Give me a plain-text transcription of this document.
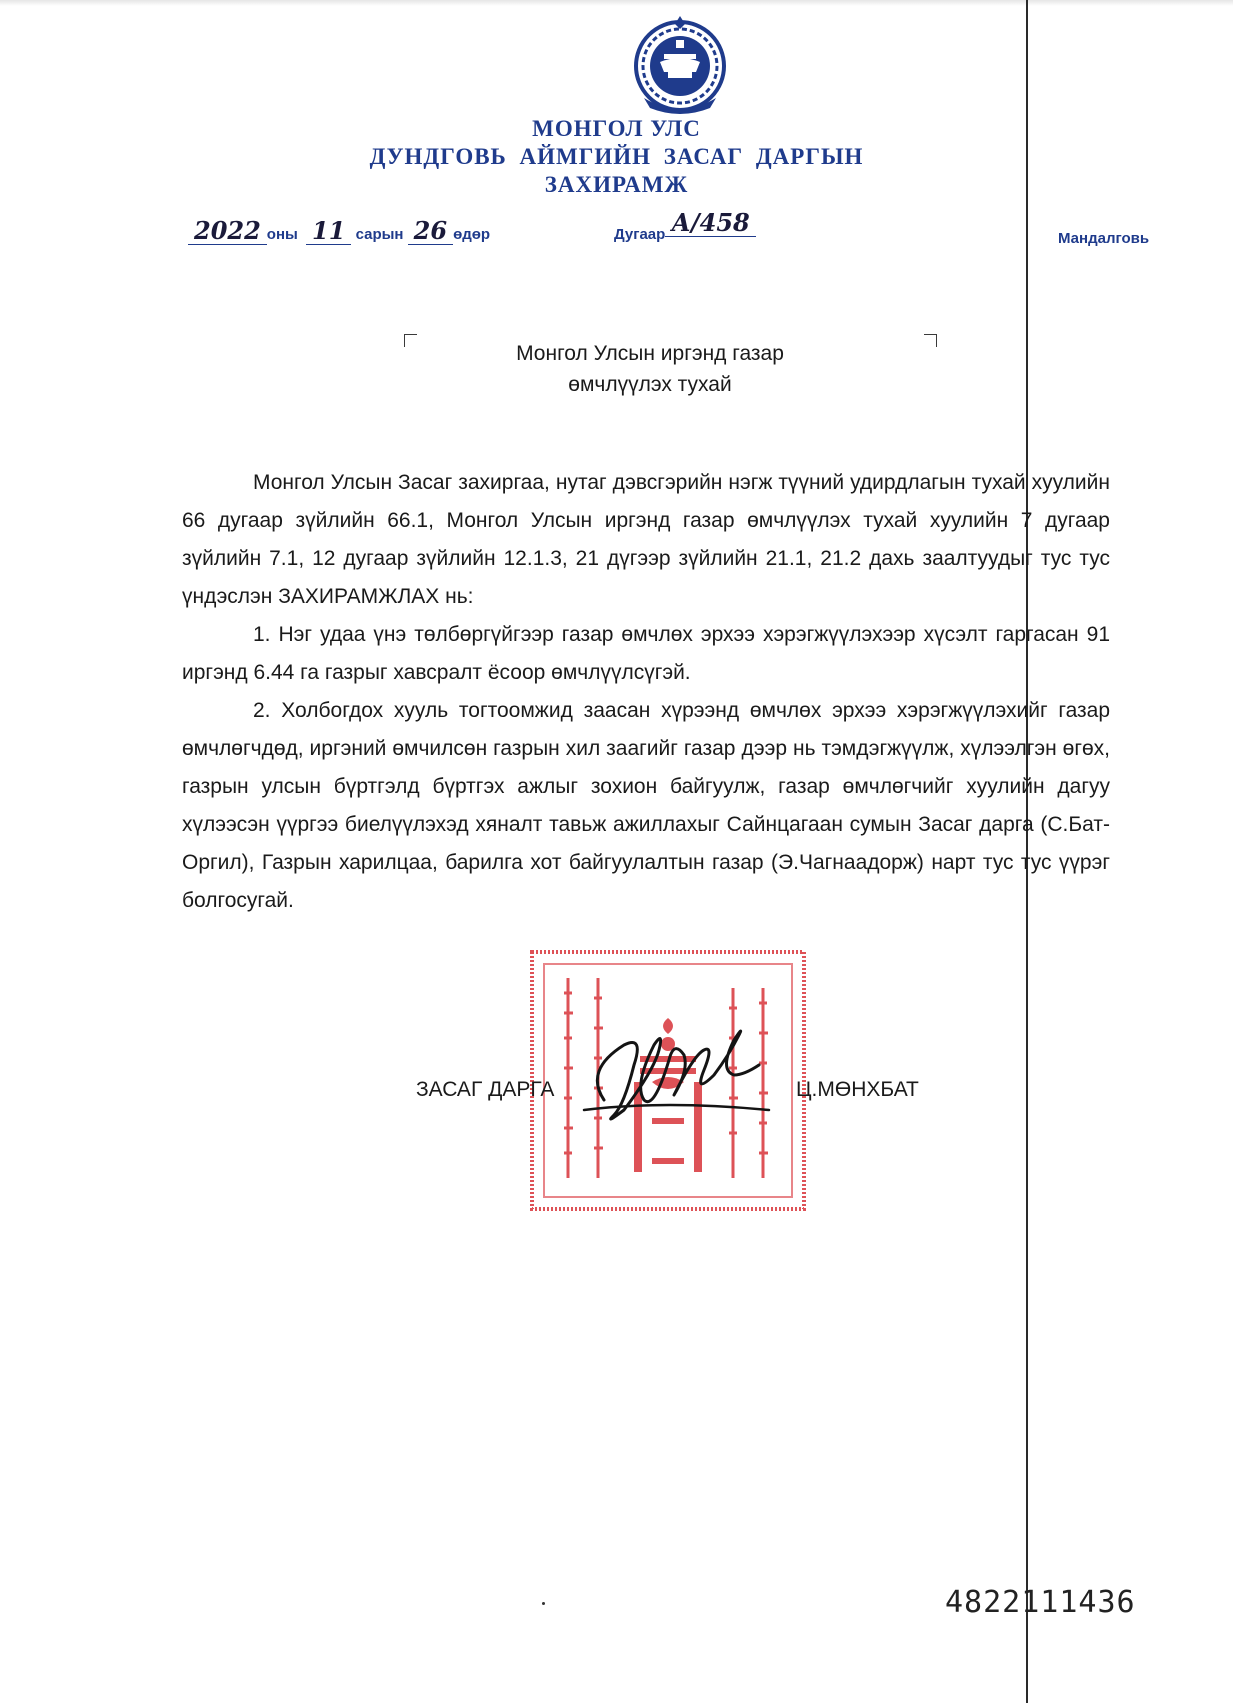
МОНГОЛ УЛС
ДУНДГОВЬ АЙМГИЙН ЗАСАГ ДАРГЫН
ЗАХИРАМЖ
2022 оны 11 сарын 26 өдөр	Дугаар А/458
Мандалговь
Монгол Улсын иргэнд газар
өмчлүүлэх тухай
Монгол Улсын Засаг захиргаа, нутаг дэвсгэрийн нэгж түүний удирдлагын тухай хуулийн 66 дугаар зүйлийн 66.1, Монгол Улсын иргэнд газар өмчлүүлэх тухай хуулийн 7 дугаар зүйлийн 7.1, 12 дугаар зүйлийн 12.1.3, 21 дүгээр зүйлийн 21.1, 21.2 дахь заалтуудыг тус тус үндэслэн ЗАХИРАМЖЛАХ нь:
1. Нэг удаа үнэ төлбөргүйгээр газар өмчлөх эрхээ хэрэгжүүлэхээр хүсэлт гаргасан 91 иргэнд 6.44 га газрыг хавсралт ёсоор өмчлүүлсүгэй.
2. Холбогдох хууль тогтоомжид заасан хүрээнд өмчлөх эрхээ хэрэгжүүлэхийг газар өмчлөгчдөд, иргэний өмчилсөн газрын хил заагийг газар дээр нь тэмдэгжүүлж, хүлээлгэн өгөх, газрын улсын бүртгэлд бүртгэх ажлыг зохион байгуулж, газар өмчлөгчийг хуулийн дагуу хүлээсэн үүргээ биелүүлэхэд хяналт тавьж ажиллахыг Сайнцагаан сумын Засаг дарга (С.Бат-Оргил), Газрын харилцаа, барилга хот байгуулалтын газар (Э.Чагнаадорж) нарт тус тус үүрэг болгосугай.
ЗАСАГ ДАРГА	Ц.МӨНХБАТ
4822111436
